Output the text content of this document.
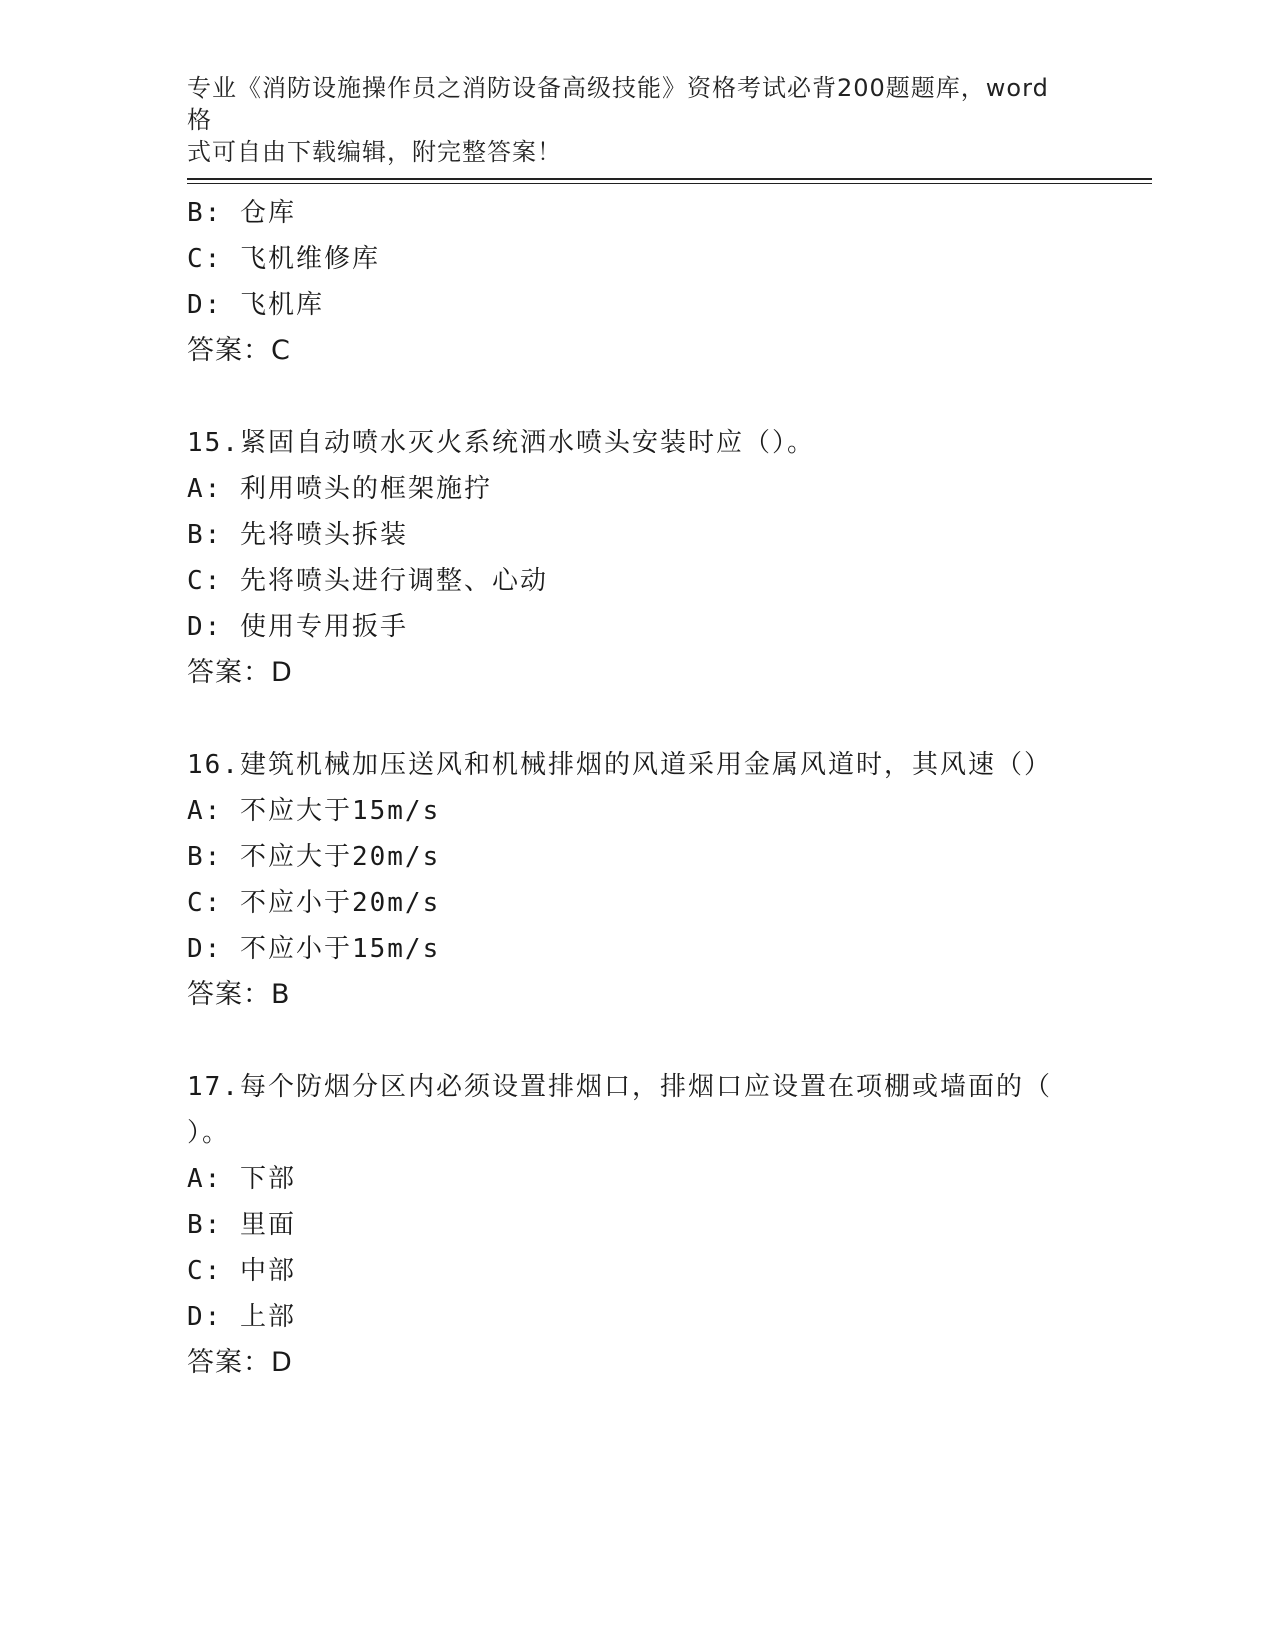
专业《消防设施操作员之消防设备高级技能》资格考试必背200题题库，word格
式可自由下载编辑，附完整答案！
B: 仓库
C: 飞机维修库
D: 飞机库
答案：C
15.紧固自动喷水灭火系统洒水喷头安装时应（）。
A: 利用喷头的框架施拧
B: 先将喷头拆装
C: 先将喷头进行调整、心动
D: 使用专用扳手
答案：D
16.建筑机械加压送风和机械排烟的风道采用金属风道时，其风速（）
A: 不应大于15m/s
B: 不应大于20m/s
C: 不应小于20m/s
D: 不应小于15m/s
答案：B
17.每个防烟分区内必须设置排烟口，排烟口应设置在项棚或墙面的（
）。
A: 下部
B: 里面
C: 中部
D: 上部
答案：D
